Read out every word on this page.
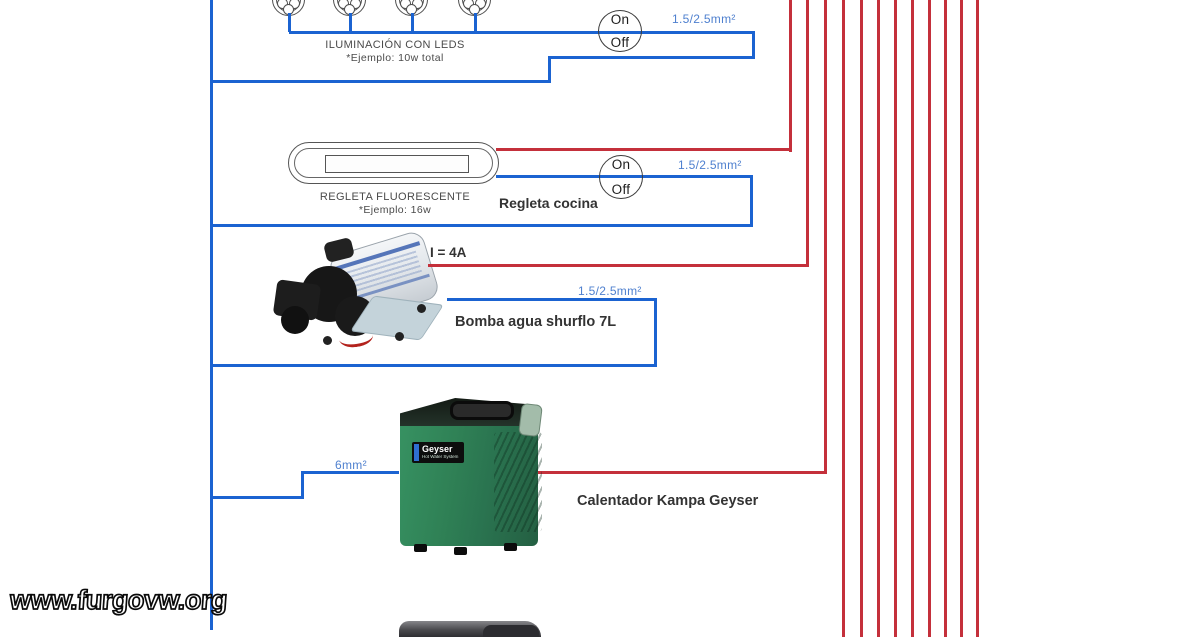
On
Off
1.5/2.5mm²
ILUMINACIÓN CON LEDS
*Ejemplo: 10w total
On
Off
1.5/2.5mm²
REGLETA FLUORESCENTE
*Ejemplo: 16w	Regleta cocina
I = 4A
1.5/2.5mm²
Bomba agua shurflo 7L
Geyser
Hot Water System
6mm²
Calentador Kampa Geyser
www.furgovw.org
